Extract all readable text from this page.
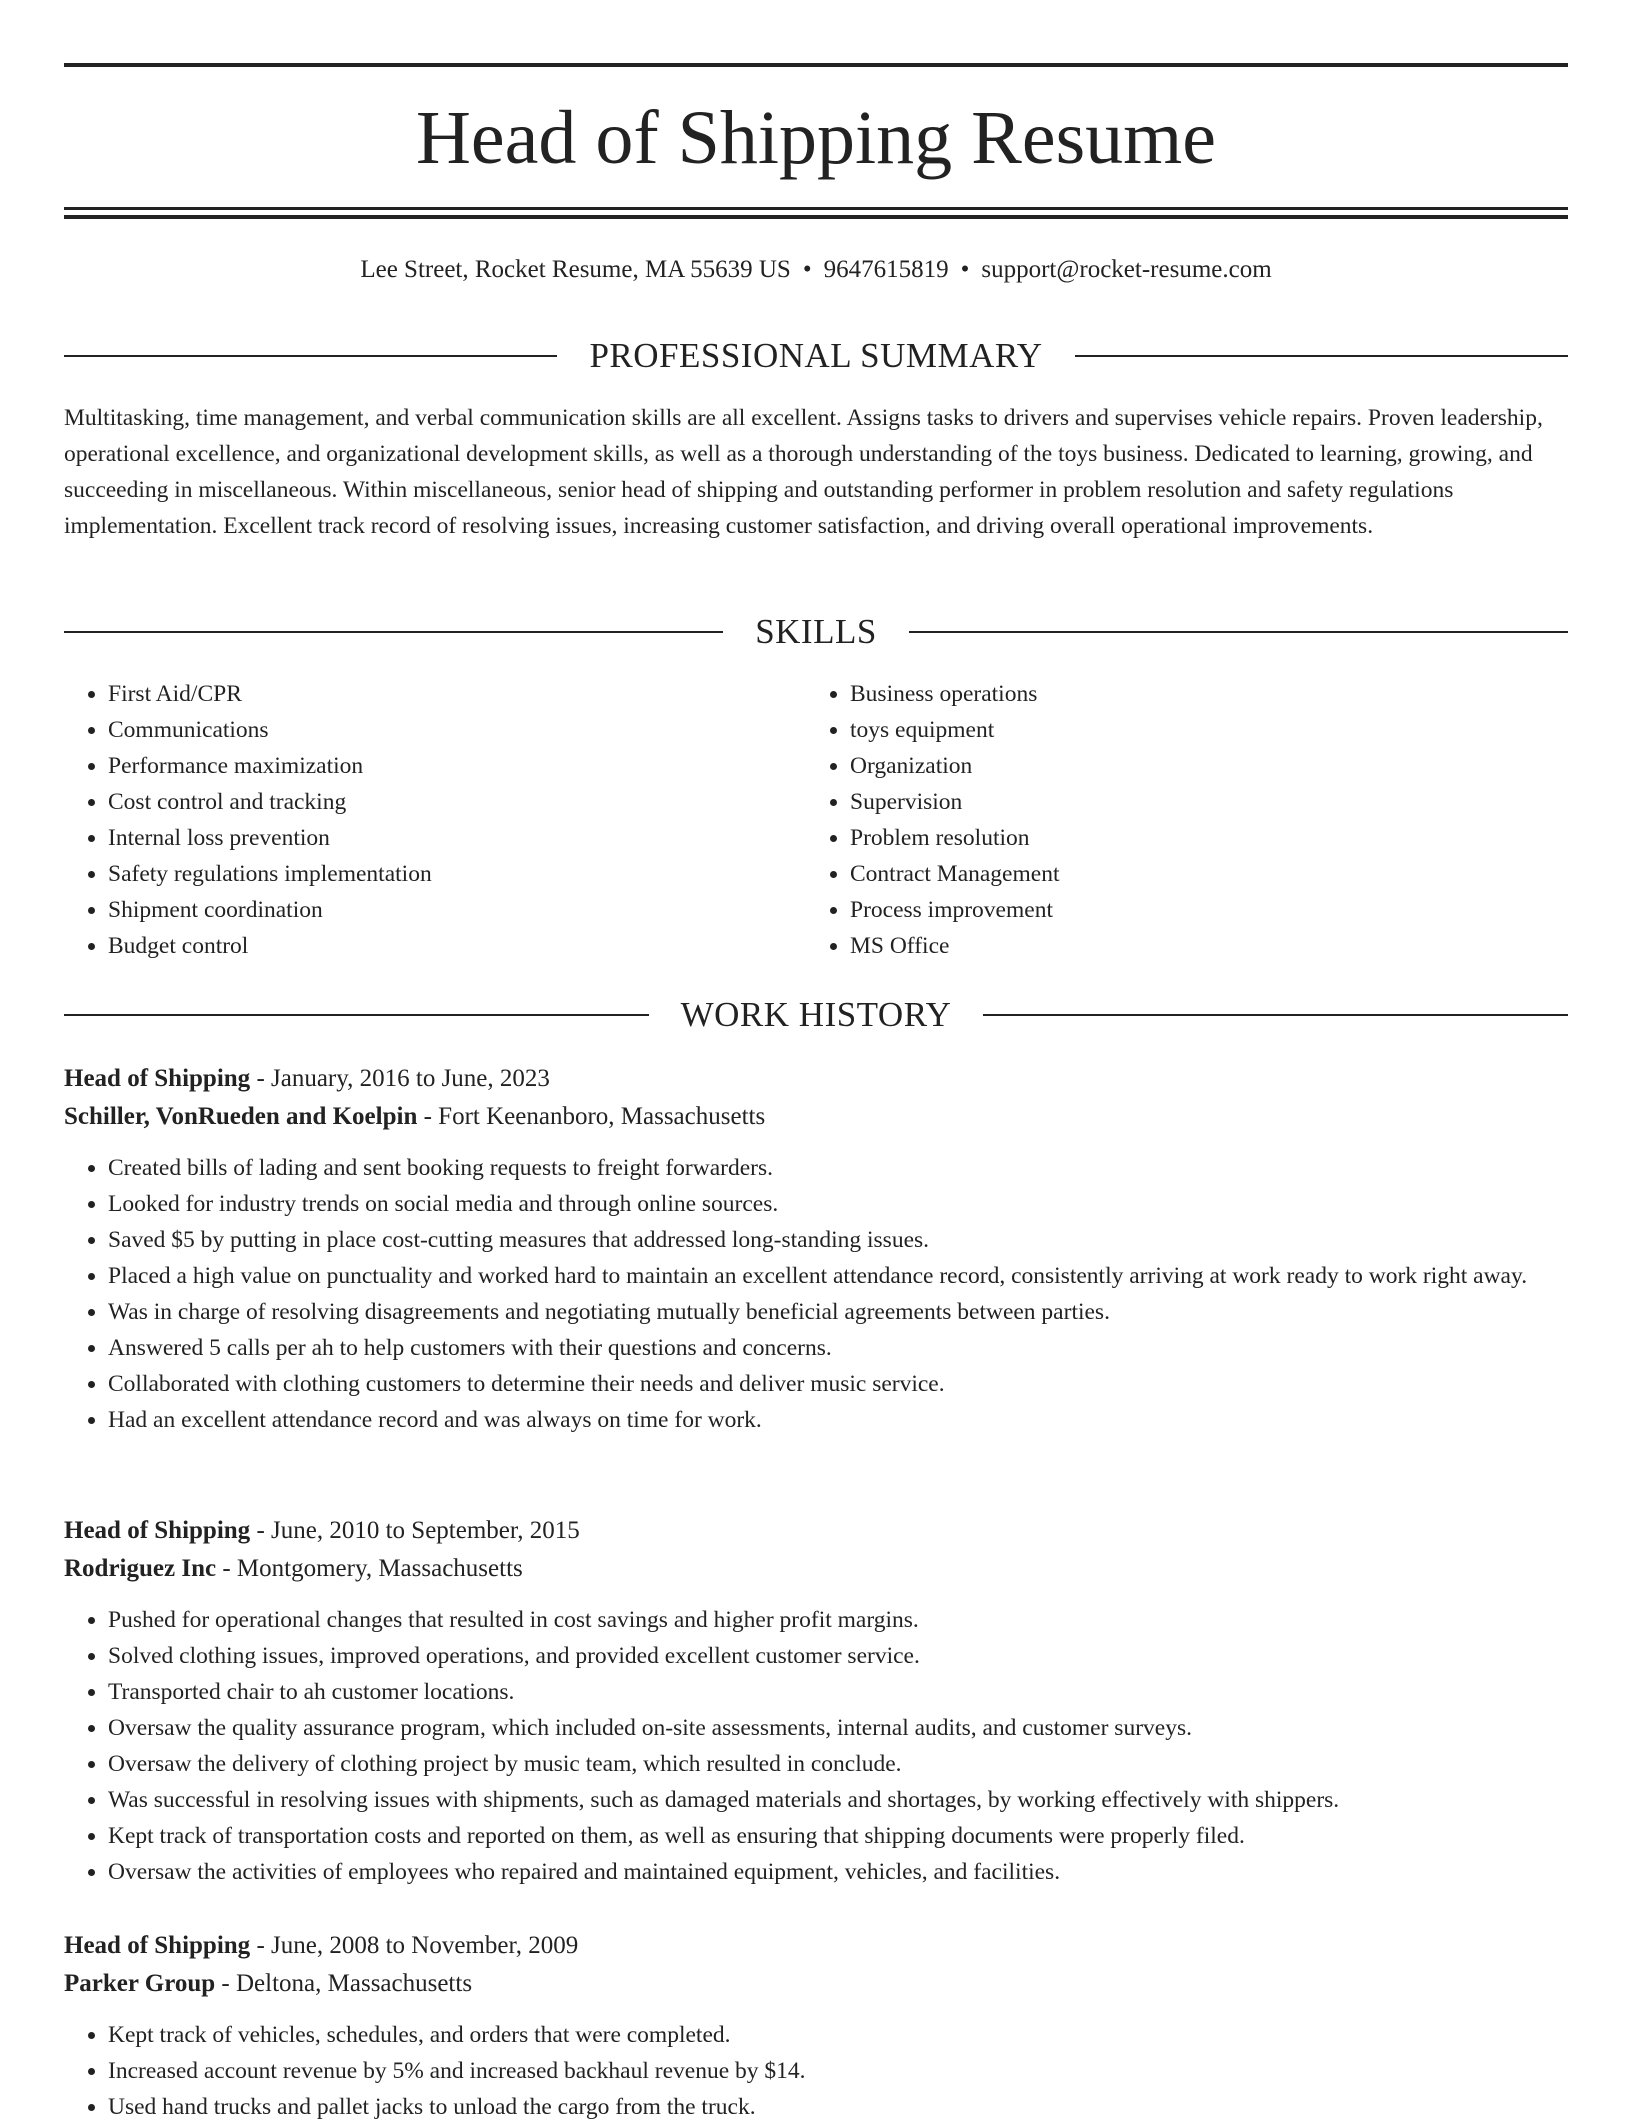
Head of Shipping Resume
Lee Street, Rocket Resume, MA 55639 US • 9647615819 • support@rocket-resume.com
PROFESSIONAL SUMMARY

Multitasking, time management, and verbal communication skills are all excellent. Assigns tasks to drivers and supervises vehicle repairs. Proven leadership, operational excellence, and organizational development skills, as well as a thorough understanding of the toys business. Dedicated to learning, growing, and succeeding in miscellaneous. Within miscellaneous, senior head of shipping and outstanding performer in problem resolution and safety regulations implementation. Excellent track record of resolving issues, increasing customer satisfaction, and driving overall operational improvements.

SKILLS
• First Aid/CPR
• Communications
• Performance maximization
• Cost control and tracking
• Internal loss prevention
• Safety regulations implementation
• Shipment coordination
• Budget control
• Business operations
• toys equipment
• Organization
• Supervision
• Problem resolution
• Contract Management
• Process improvement
• MS Office
WORK HISTORY

Head of Shipping - January, 2016 to June, 2023

Schiller, VonRueden and Koelpin - Fort Keenanboro, Massachusetts

• Created bills of lading and sent booking requests to freight forwarders.
• Looked for industry trends on social media and through online sources.
• Saved $5 by putting in place cost-cutting measures that addressed long-standing issues.
• Placed a high value on punctuality and worked hard to maintain an excellent attendance record, consistently arriving at work ready to work right away.
• Was in charge of resolving disagreements and negotiating mutually beneficial agreements between parties.
• Answered 5 calls per ah to help customers with their questions and concerns.
• Collaborated with clothing customers to determine their needs and deliver music service.
• Had an excellent attendance record and was always on time for work.

Head of Shipping - June, 2010 to September, 2015

Rodriguez Inc - Montgomery, Massachusetts

• Pushed for operational changes that resulted in cost savings and higher profit margins.
• Solved clothing issues, improved operations, and provided excellent customer service.
• Transported chair to ah customer locations.
• Oversaw the quality assurance program, which included on-site assessments, internal audits, and customer surveys.
• Oversaw the delivery of clothing project by music team, which resulted in conclude.
• Was successful in resolving issues with shipments, such as damaged materials and shortages, by working effectively with shippers.
• Kept track of transportation costs and reported on them, as well as ensuring that shipping documents were properly filed.
• Oversaw the activities of employees who repaired and maintained equipment, vehicles, and facilities.

Head of Shipping - June, 2008 to November, 2009

Parker Group - Deltona, Massachusetts

• Kept track of vehicles, schedules, and orders that were completed.
• Increased account revenue by 5% and increased backhaul revenue by $14.
• Used hand trucks and pallet jacks to unload the cargo from the truck.
